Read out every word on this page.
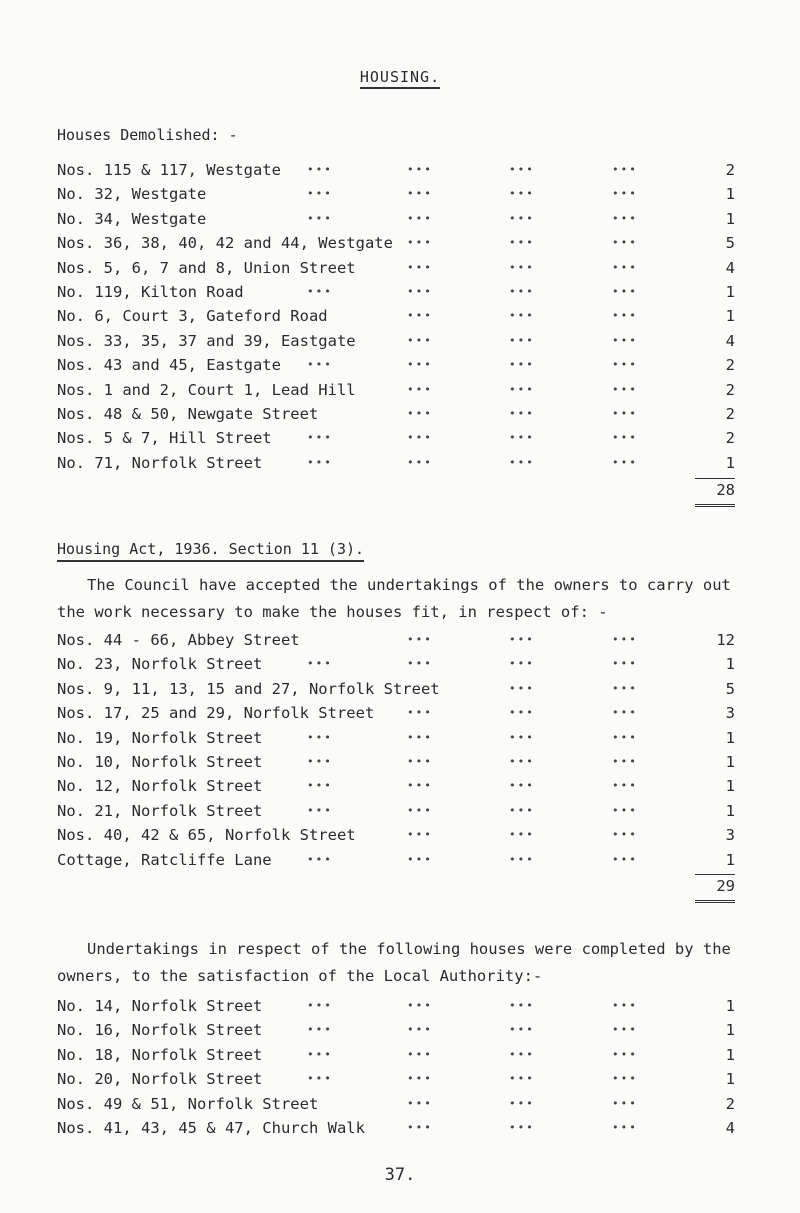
HOUSING.
Houses Demolished: -
Nos. 115 & 117, Westgate •••	•••	•••	•••	2
No. 32, Westgate	•••	•••	•••	•••	1
No. 34, Westgate	•••	•••	•••	•••	1
Nos. 36, 38, 40, 42 and 44, Westgate •••	•••	•••	5
Nos. 5, 6, 7 and 8, Union Street	•••	•••	•••	4
No. 119, Kilton Road	•••	•••	•••	•••	1
No. 6, Court 3, Gateford Road	•••	•••	•••	1
Nos. 33, 35, 37 and 39, Eastgate	•••	•••	•••	4
Nos. 43 and 45, Eastgate •••	•••	•••	•••	2
Nos. 1 and 2, Court 1, Lead Hill	•••	•••	•••	2
Nos. 48 & 50, Newgate Street	•••	•••	•••	2
Nos. 5 & 7, Hill Street	•••	•••	•••	•••	2
No. 71, Norfolk Street	•••	•••	•••	•••	1
28
Housing Act, 1936. Section 11 (3).
The Council have accepted the undertakings of the owners to carry out the work necessary to make the houses fit, in respect of: -
Nos. 44 - 66, Abbey Street	•••	•••	•••	12
No. 23, Norfolk Street	•••	•••	•••	•••	1
Nos. 9, 11, 13, 15 and 27, Norfolk Street	•••	•••	5
Nos. 17, 25 and 29, Norfolk Street	•••	•••	•••	3
No. 19, Norfolk Street	•••	•••	•••	•••	1
No. 10, Norfolk Street	•••	•••	•••	•••	1
No. 12, Norfolk Street	•••	•••	•••	•••	1
No. 21, Norfolk Street	•••	•••	•••	•••	1
Nos. 40, 42 & 65, Norfolk Street	•••	•••	•••	3
Cottage, Ratcliffe Lane	•••	•••	•••	•••	1
29
Undertakings in respect of the following houses were completed by the owners, to the satisfaction of the Local Authority:-
No. 14, Norfolk Street	•••	•••	•••	•••	1
No. 16, Norfolk Street	•••	•••	•••	•••	1
No. 18, Norfolk Street	•••	•••	•••	•••	1
No. 20, Norfolk Street	•••	•••	•••	•••	1
Nos. 49 & 51, Norfolk Street	•••	•••	•••	2
Nos. 41, 43, 45 & 47, Church Walk	•••	•••	•••	4
37.
